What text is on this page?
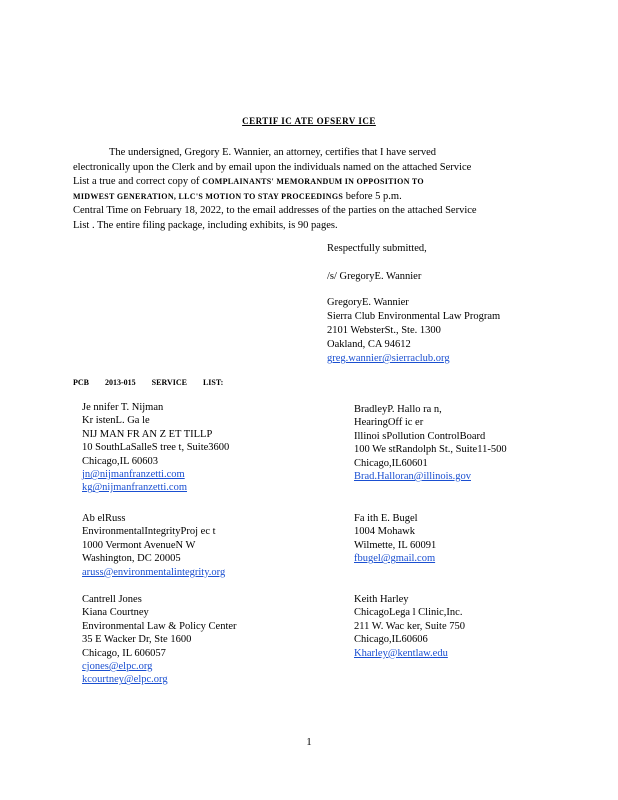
CERTIF IC ATE OFSERV ICE
The undersigned, Gregory E. Wannier, an attorney, certifies that I have served
electronically upon the Clerk and by email upon the individuals named on the attached Service
List a true and correct copy of COMPLAINANTS' MEMORANDUM IN OPPOSITION TO
MIDWEST GENERATION, LLC'S MOTION TO STAY PROCEEDINGS before 5 p.m.
Central Time on February 18, 2022, to the email addresses of the parties on the attached Service
List . The entire filing package, including exhibits, is 90 pages.
Respectfully submitted,
/s/ GregoryE. Wannier
GregoryE. Wannier
Sierra Club Environmental Law Program
2101 WebsterSt., Ste. 1300
Oakland, CA 94612
greg.wannier@sierraclub.org
PCB 2013-015 SERVICE LIST:
Je nnifer T. Nijman
Kr istenL. Ga le
NIJ MAN FR AN Z ET TILLP
10 SouthLaSalleS tree t, Suite3600
Chicago,IL 60603
jn@nijmanfranzetti.com
kg@nijmanfranzetti.com
Ab elRuss
EnvironmentalIntegrityProj ec t
1000 Vermont AvenueN W
Washington, DC 20005
aruss@environmentalintegrity.org
Cantrell Jones
Kiana Courtney
Environmental Law & Policy Center
35 E Wacker Dr, Ste 1600
Chicago, IL 606057
cjones@elpc.org
kcourtney@elpc.org
BradleyP. Hallo ra n,
HearingOff ic er
Illinoi sPollution ControlBoard
100 We stRandolph St., Suite11-500
Chicago,IL60601
Brad.Halloran@illinois.gov
Fa ith E. Bugel
1004 Mohawk
Wilmette, IL 60091
fbugel@gmail.com
Keith Harley
ChicagoLega l Clinic,Inc.
211 W. Wac ker, Suite 750
Chicago,IL60606
Kharley@kentlaw.edu
1
